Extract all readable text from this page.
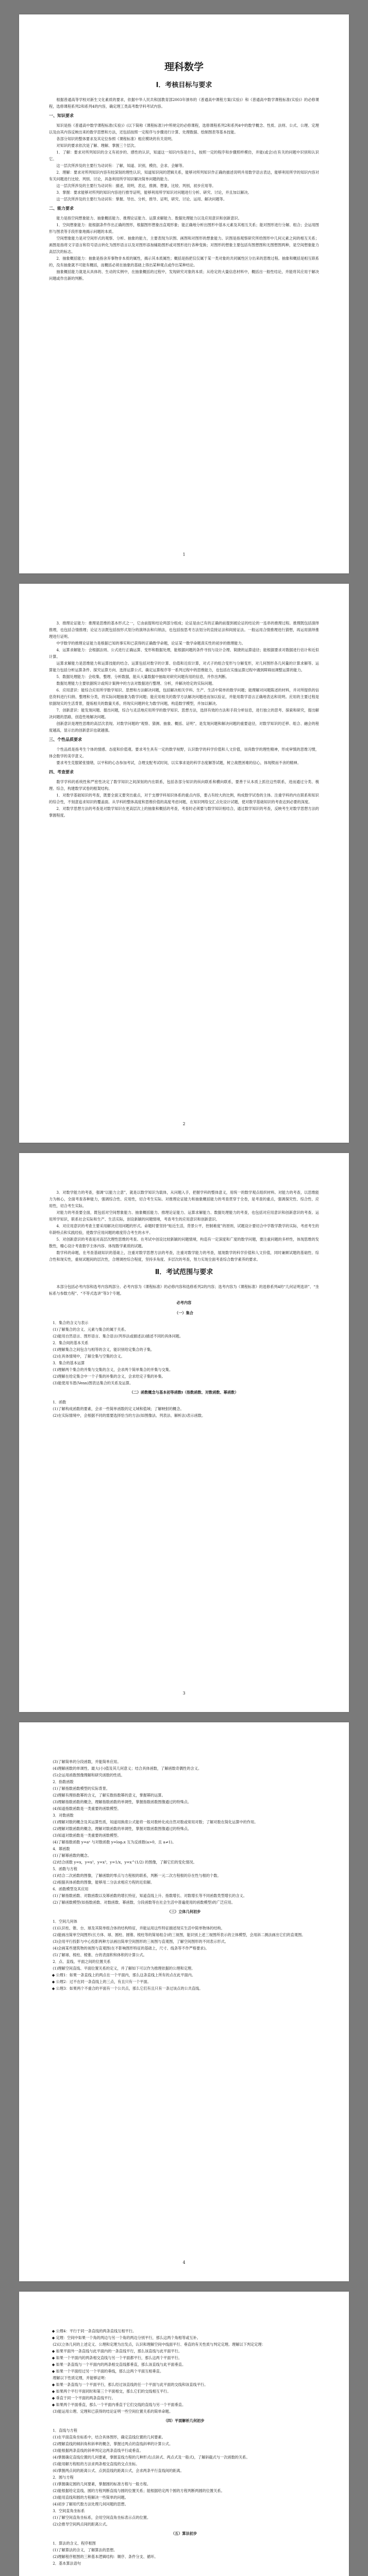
理科数学

Ⅰ．考核目标与要求

根据普通高等学校对新生文化素质的要求，依据中华人民共和国教育部2003年颁布的《普通高中课程方案(实验)》和《普通高中数学课程标准(实验)》的必修课程，选修课程系列2和系列4的内容，确定理工类高考数学科考试内容。

一、知识要求

知识是指《普通高中数学课程标准(实验)》(以下简称《课程标准》)中所规定的必修课程，选修课程系列2和系列4中的数学概念、性质、法则、公式、公理、定理以及由其内容反映出来的数学思想和方法，还包括按照一定程序与步骤进行计算、处理数据、绘制图表等基本技能。

各部分知识的整体要求及其定位参照《课程标准》相应模块的有关说明。

对知识的要求依次是了解、理解、掌握三个层次。

1．了解：要求对所列知识的含义有初步的、感性的认识，知道这一知识内容是什么，按照一定的程序和步骤照样模仿，并能(或会)在有关的问题中识别和认识它。

这一层次所涉及的主要行为动词有：了解，知道、识别，模仿，会求、会解等。

2．理解：要求对所列知识内容有较深刻的理性认识，知道知识间的逻辑关系，能够对所列知识作正确的描述说明并用数学语言表达，能够利用所学的知识内容对有关问题进行比较、判别、讨论，具备利用所学知识解决简单问题的能力。

这一层次所涉及的主要行为动词有：描述，说明，表达，推测、想象，比较、判别，初步应用等。

3．掌握：要求能够对所列的知识内容进行推导证明，能够利用所学知识对问题进行分析、研究、讨论，并且加以解决。

这一层次所涉及的主要行为动词有：掌握、导出、分析，推导、证明，研究、讨论、运用、解决问题等。

二、能力要求

能力是指空间想象能力、抽象概括能力、推理论证能力、运算求解能力、数据处理能力以及应用意识和创新意识。

1．空间想象能力：能根据条件作出正确的图形，根据图形想象出直观形象；能正确地分析出图形中基本元素及其相互关系；能对图形进行分解、组合；会运用图形与图表等手段形象地揭示问题的本质。

空间想象能力是对空间形式的观察、分析、抽象的能力，主要表现为识图、画图和对图形的想象能力。识图是指观察研究所给图形中几何元素之间的相互关系；画图是指将文字语言和符号语言转化为图形语言以及对图形添加辅助图形或对图形进行各种变换；对图形的想象主要包括有图想图和无图想图两种，是空间想象能力高层次的标志。

2．抽象概括能力：抽象是指舍弃事物非本质的属性，揭示其本质属性；概括是指把仅仅属于某一类对象的共同属性区分出来的思维过程。抽象和概括是相互联系的，没有抽象就不可能有概括，而概括必须在抽象的基础上得出某种观点或作出某种结论。

抽象概括能力就是从具体的、生动的实例中，在抽象概括的过程中，发现研究对象的本质；从给定的大量信息材料中，概括出一般性结论，并能将其应用于解决问题或作出新的判断。

1

3．推理论证能力：推理是思维的基本形式之一，它由前提和结论两部分组成；论证是由已有的正确的前提到被论证的结论的一连串的推理过程。推理既包括演绎推理，也包括合情推理；论证方法既包括按形式划分的演绎法和归纳法，也包括按思考方法划分的直接证法和间接证法。一般运用合情推理进行猜想，再运用演绎推理进行证明。

中学数学的推理论证能力是根据已知的事实和已获得的正确数学命题，论证某一数学命题真实性的初步的推理能力。

4．运算求解能力：会根据法则、公式进行正确运算、变形和数据处理，能根据问题的条件寻找与设计合理、简捷的运算途径；能根据要求对数据进行估计和近似计算。

运算求解能力是思维能力和运算技能的结合。运算包括对数字的计算、估值和近似计算，对式子的组合变形与分解变形，对几何图形各几何量的计算求解等。运算能力包括分析运算条件、探究运算方向、选择运算公式、确定运算程序等一系列过程中的思维能力，也包括在实施运算过程中遇到障碍而调整运算的能力。

5．数据处理能力：会收集、整理、分析数据，能从大量数据中抽取对研究问题有用的信息，并作出判断。

数据处理能力主要依据统计或统计案例中的方法对数据进行整理、分析，并解决给定的实际问题。

6．应用意识：能综合应用所学数学知识、思想和方法解决问题，包括解决相关学科、生产、生活中简单的数学问题；能理解对问题陈述的材料，并对所提供的信息资料进行归纳、整理和分类，将实际问题抽象为数学问题；能应用相关的数学方法解决问题进而加以验证，并能用数学语言正确地表达和说明。应用的主要过程是依据现实的生活背景，提炼相关的数量关系，将现实问题转化为数学问题，构造数学模型，并加以解决。

7．创新意识：能发现问题、提出问题，综合与灵活地应用所学的数学知识、思想方法，选择有效的方法和手段分析信息，进行独立的思考、探索和研究，提出解决问题的思路，创造性地解决问题。

创新意识是理性思维的高层次表现。对数学问题的“观察、猜测、抽象、概括、证明”，是发现问题和解决问题的重要途径，对数学知识的迁移、组合、融会的程度越高，显示出的创新意识也就越强。

三、个性品质要求

个性品质是指考生个体的情感、态度和价值观。要求考生具有一定的数学视野，认识数学的科学价值和人文价值，崇尚数学的理性精神，形成审慎的思维习惯，体会数学的美学意义。

要求考生克服紧张情绪，以平和的心态参加考试，合理支配考试时间，以实事求是的科学态度解答试题，树立战胜困难的信心，体现锲而不舍的精神。

四、考查要求

数学学科的系统性和严密性决定了数学知识之间深刻的内在联系，包括各部分知识的纵向联系和横向联系，要善于从本质上抓住这些联系，进而通过分类、梳理、综合，构建数学试卷的框架结构。

1．对数学基础知识的考查，既要全面又要突出重点，对于支撑学科知识体系的重点内容，要占有较大的比例，构成数学试卷的主体。注重学科的内在联系和知识的综合性，不刻意追求知识的覆盖面。从学科的整体高度和思维价值的高度考虑问题，在知识网络交汇点处设计试题，使对数学基础知识的考查达到必要的深度。

2．对数学思想方法的考查是对数学知识在更高层次上的抽象和概括的考查，考查时必须要与数学知识相结合，通过数学知识的考查，反映考生对数学思想方法的掌握程度。

2

3．对数学能力的考查，强调“以能力立意”，就是以数学知识为载体，从问题入手，把握学科的整体意义，用统一的数学观点组织材料。对能力的考查，以思维能力为核心，全面考查各种能力，强调综合性、应用性，切合考生实际。对推理论证能力和抽象概括能力的考查贯穿于全卷，是考查的重点，强调探究性、综合性、应用性，切合考生实际。

对能力的考查要全面，既包括对空间想象能力、抽象概括能力、推理论证能力、运算求解能力、数据处理能力的考查，也包括对应用意识和创新意识的考查。运用所学知识，联系社会实际和生产、生活实际，创设新颖的问题情境，考查考生的应用意识和创新意识。

4．对应用意识的考查主要采用解决应用问题的形式。命题时要坚持“贴近生活，背景公平，控制难度”的原则，试题设计要切合中学数学教学的实际，考虑考生的年龄特点和实践经验，使数学应用问题的难度符合考生的水平。

5．对创新意识的考查是对高层次理性思维的考查。在考试中创设比较新颖的问题情境，构造有一定深度和广度的数学问题，要注重问题的多样性，体现思维的发散性，精心设计考查数学主体内容、体现数学素质的试题。

数学科的命题，在考查基础知识的基础上，注重对数学思想方法的考查，注重对数学能力的考查，展现数学的科学价值和人文价值，同时兼顾试题的基础性、综合性和现实性，重视试题间的层次性，合理调控综合程度，坚持多角度、多层次的考查，努力实现全面考查综合数学素养的要求。

Ⅱ．考试范围与要求

本部分包括必考内容和选考内容两部分。必考内容为《课程标准》的必修内容和选修系列2的内容；选考内容为《课程标准》的选修系列4的“几何证明选讲”、“坐标系与参数方程”、“不等式选讲”等3个专题。

必考内容

（一）集合

1．集合的含义与表示

(1)了解集合的含义、元素与集合的属于关系。

(2)能用自然语言、图形语言、集合语言(列举法或描述法)描述不同的具体问题。

2．集合间的基本关系

(1)理解集合之间包含与相等的含义，能识别给定集合的子集。

(2)在具体情境中，了解全集与空集的含义。

3．集合的基本运算

(1)理解两个集合的并集与交集的含义，会求两个简单集合的并集与交集。

(2)理解在给定集合中一个子集的补集的含义，会求给定子集的补集。

(3)能使用韦恩(Venn)图表达集合的关系及运算。

（二）函数概念与基本初等函数Ⅰ（指数函数、对数函数、幂函数）

1．函数

(1)了解构成函数的要素，会求一些简单函数的定义域和值域；了解映射的概念。

(2)在实际情境中，会根据不同的需要选择恰当的方法(如图像法、列表法、解析法)表示函数。

3

(3)了解简单的分段函数，并能简单应用。

(4)理解函数的单调性、最大(小)值及其几何意义；结合具体函数，了解函数奇偶性的含义。

(5)会运用函数图像理解和研究函数的性质。

2．指数函数

(1)了解指数函数模型的实际背景。

(2)理解有理指数幂的含义，了解实数指数幂的意义，掌握幂的运算。

(3)理解指数函数的概念，理解指数函数的单调性，掌握指数函数图像通过的特殊点。

(4)知道指数函数是一类重要的函数模型。

3．对数函数

(1)理解对数的概念及其运算性质，知道用换底公式能将一般对数转化成自然对数或常用对数；了解对数在简化运算中的作用。

(2)理解对数函数的概念，理解对数函数的单调性，掌握对数函数图像通过的特殊点。

(3)知道对数函数是一类重要的函数模型。

(4)了解指数函数 y=aˣ 与对数函数 y=logₐx 互为反函数(a>0，且 a≠1)。

4．幂函数

(1)了解幂函数的概念。

(2)结合函数 y=x，y=x²，y=x³，y=1/x，y=x^(1/2) 的图像，了解它们的变化情况。

5．函数与方程

(1)结合二次函数的图像，了解函数的零点与方程根的联系，判断一元二次方程根的存在性与根的个数。

(2)根据具体函数的图像，能够用二分法求相应方程的近似解。

6．函数模型及其应用

(1)了解指数函数、对数函数以及幂函数的增长特征，知道直线上升、指数增长、对数增长等不同函数类型增长的含义。

(2)了解函数模型(如指数函数、对数函数、幂函数、分段函数等在社会生活中普遍使用的函数模型)的广泛应用。

（三）立体几何初步

1．空间几何体

(1)认识柱、锥、台、球及其简单组合体的结构特征，并能运用这些特征描述现实生活中简单物体的结构。

(2)能画出简单空间图形(长方体、球、圆柱、圆锥、棱柱等的简易组合)的三视图，能识别上述三视图所表示的立体模型，会用斜二测法画出它们的直观图。

(3)会用平行投影与中心投影两种方法画出简单空间图形的三视图与直观图，了解空间图形的不同表示形式。

(4)会画某些建筑物的视图与直观图(在不影响图形特征的基础上，尺寸、线条等不作严格要求)。

(5)了解球、棱柱、棱锥、台的表面积和体积的计算公式。

2．点、直线、平面之间的位置关系

(1)理解空间直线、平面位置关系的定义，并了解如下可以作为推理依据的公理和定理。

◆ 公理1：如果一条直线上的两点在一个平面内，那么这条直线上所有的点在此平面内。

◆ 公理2：过不在同一条直线上的三点，有且只有一个平面。

◆ 公理3：如果两个不重合的平面有一个公共点，那么它们有且只有一条过该点的公共直线。

4

◆ 公理4：平行于同一条直线的两条直线互相平行。

◆ 定理：空间中如果一个角的两边与另一个角的两边分别平行，那么这两个角相等或互补。

(2)以立体几何的上述定义、公理和定理为出发点，认识和理解空间中线面平行、垂直的有关性质与判定定理。理解以下判定定理：

◆ 如果平面外一条直线与此平面内的一条直线平行，那么该直线与此平面平行。

◆ 如果一个平面内的两条相交直线与另一个平面都平行，那么这两个平面平行。

◆ 如果一条直线与一个平面内的两条相交直线都垂直，那么该直线与此平面垂直。

◆ 如果一个平面经过另一个平面的垂线，那么这两个平面互相垂直。

理解以下性质定理，并能够证明：

◆ 如果一条直线与一个平面平行，那么经过该直线的任一个平面与此平面的交线和该直线平行。

◆ 如果两个平行平面同时和第三个平面相交，那么它们的交线相互平行。

◆ 垂直于同一个平面的两条直线平行。

◆ 如果两个平面垂直，那么一个平面内垂直于它们交线的直线与另一个平面垂直。

(3)能运用公理、定理和已获得的结论证明一些空间位置关系的简单命题。

（四）平面解析几何初步

1．直线与方程

(1)在平面直角坐标系中，结合具体图形，确定直线位置的几何要素。

(2)理解直线的倾斜角和斜率的概念，掌握过两点的直线斜率的计算公式。

(3)能根据两条直线的斜率判定这两条直线平行或垂直。

(4)掌握确定直线位置的几何要素，掌握直线方程的几种形式(点斜式、两点式及一般式)，了解斜截式与一次函数的关系。

(5)能用解方程组的方法求两条相交直线的交点坐标。

(6)掌握两点间的距离公式、点到直线的距离公式，会求两条平行直线间的距离。

2．圆与方程

(1)掌握确定圆的几何要素，掌握圆的标准方程与一般方程。

(2)能根据给定直线、圆的方程判断直线与圆的位置关系；能根据给定两个圆的方程判断两圆的位置关系。

(3)能用直线和圆的方程解决一些简单的问题。

(4)初步了解用代数方法处理几何问题的思想。

3．空间直角坐标系

(1)了解空间直角坐标系，会用空间直角坐标表示点的位置。

(2)会推导空间两点间的距离公式。

（五）算法初步

1．算法的含义、程序框图

(1)了解算法的含义，了解算法的思想。

(2)理解程序框图的三种基本逻辑结构：顺序、条件分支、循环。

2．基本算法语句
